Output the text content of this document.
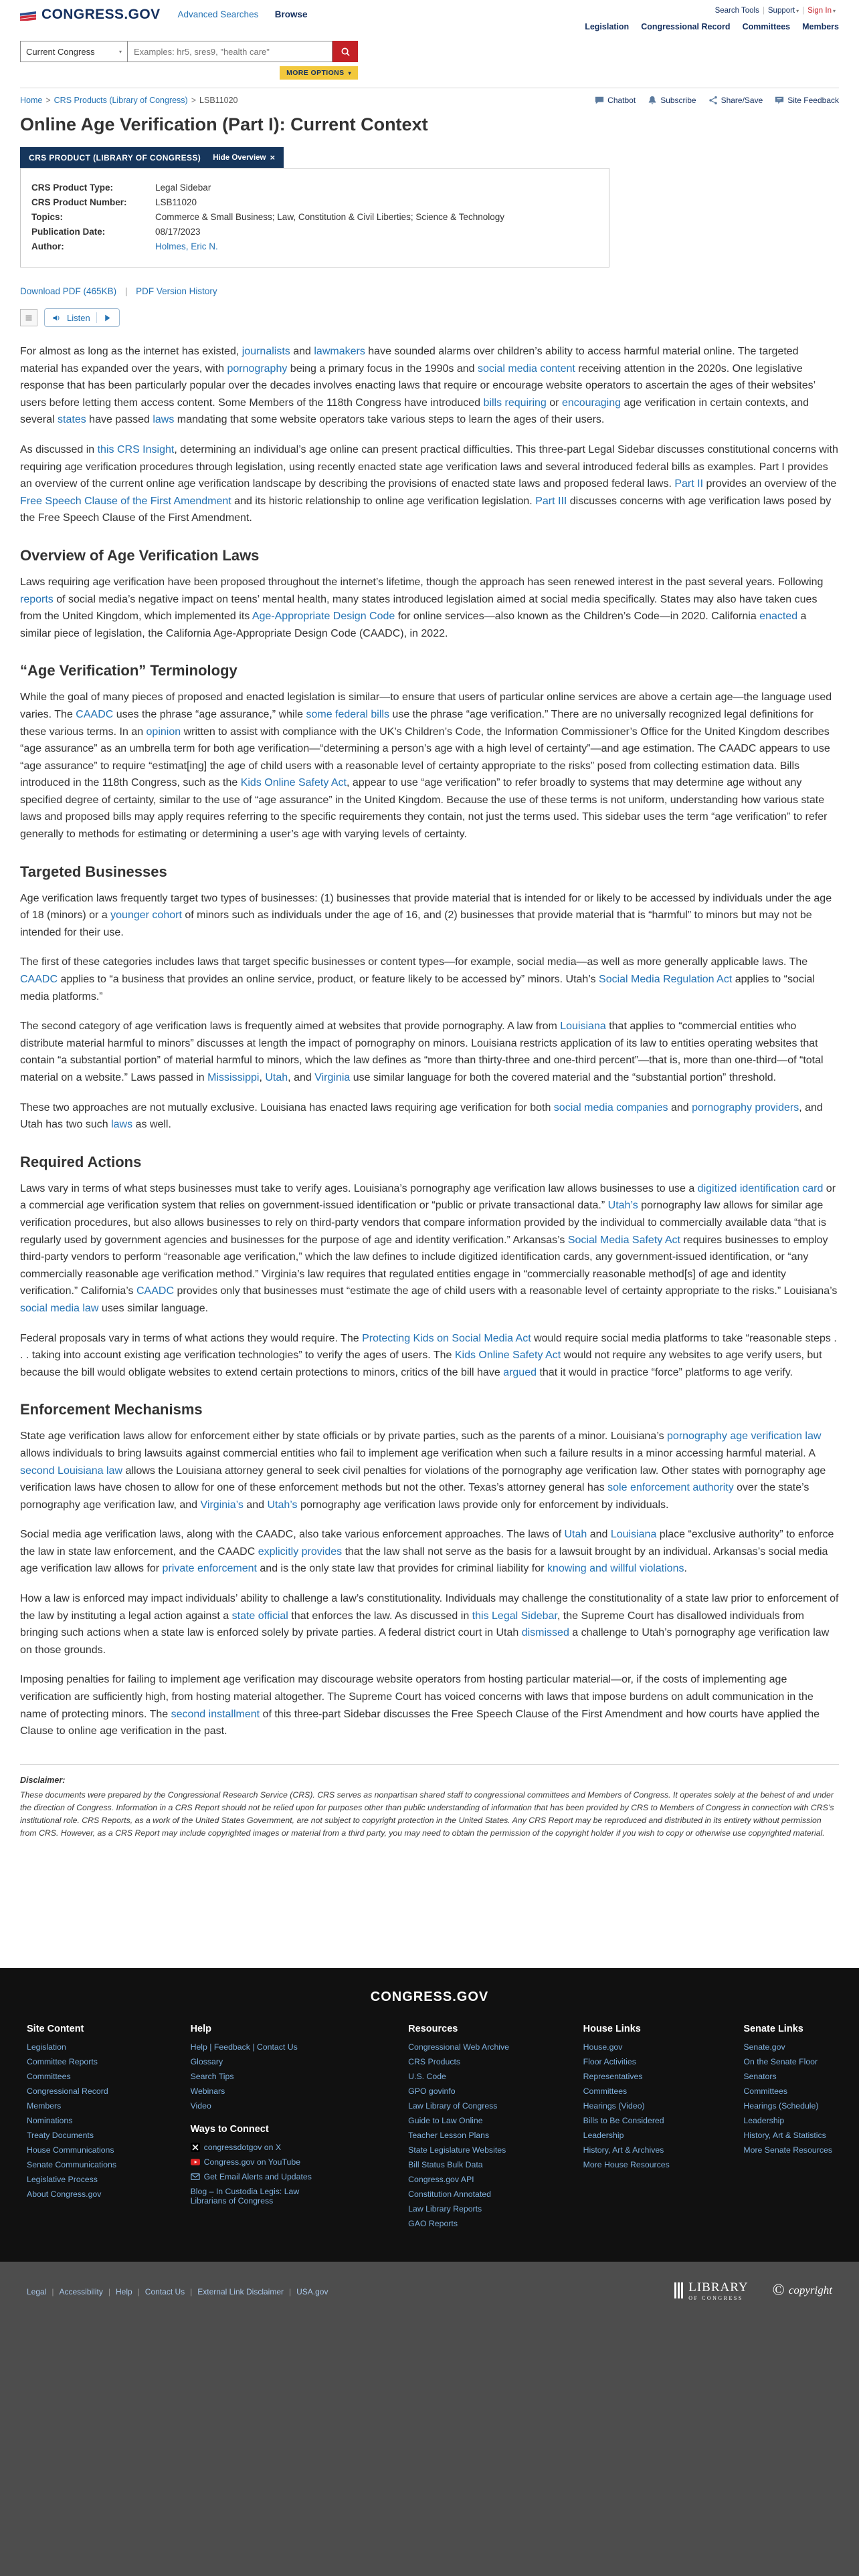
CONGRESS.GOV Advanced Searches Browse	Search Tools | Support ▾ | Sign In ▾
Legislation Congressional Record Committees Members
Current Congress	▾
Examples: hr5, sres9, "health care"
MORE OPTIONS ▾
Home > CRS Products (Library of Congress) > LSB11020	Chatbot	Subscribe	Share/Save	Site Feedback
Online Age Verification (Part I): Current Context
CRS PRODUCT (LIBRARY OF CONGRESS) Hide Overview ×
CRS Product Type:	Legal Sidebar
CRS Product Number:	LSB11020
Topics:	Commerce & Small Business; Law, Constitution & Civil Liberties; Science & Technology
Publication Date:	08/17/2023
Author:	Holmes, Eric N.
Download PDF (465KB) | PDF Version History
Listen

For almost as long as the internet has existed, journalists and lawmakers have sounded alarms over children’s ability to access harmful material online. The targeted material has expanded over the years, with pornography being a primary focus in the 1990s and social media content receiving attention in the 2020s. One legislative response that has been particularly popular over the decades involves enacting laws that require or encourage website operators to ascertain the ages of their websites’ users before letting them access content. Some Members of the 118th Congress have introduced bills requiring or encouraging age verification in certain contexts, and several states have passed laws mandating that some website operators take various steps to learn the ages of their users.

As discussed in this CRS Insight, determining an individual’s age online can present practical difficulties. This three-part Legal Sidebar discusses constitutional concerns with requiring age verification procedures through legislation, using recently enacted state age verification laws and several introduced federal bills as examples. Part I provides an overview of the current online age verification landscape by describing the provisions of enacted state laws and proposed federal laws. Part II provides an overview of the Free Speech Clause of the First Amendment and its historic relationship to online age verification legislation. Part III discusses concerns with age verification laws posed by the Free Speech Clause of the First Amendment.

Overview of Age Verification Laws

Laws requiring age verification have been proposed throughout the internet’s lifetime, though the approach has seen renewed interest in the past several years. Following reports of social media’s negative impact on teens’ mental health, many states introduced legislation aimed at social media specifically. States may also have taken cues from the United Kingdom, which implemented its Age-Appropriate Design Code for online services—also known as the Children’s Code—in 2020. California enacted a similar piece of legislation, the California Age-Appropriate Design Code (CAADC), in 2022.

“Age Verification” Terminology

While the goal of many pieces of proposed and enacted legislation is similar—to ensure that users of particular online services are above a certain age—the language used varies. The CAADC uses the phrase “age assurance,” while some federal bills use the phrase “age verification.” There are no universally recognized legal definitions for these various terms. In an opinion written to assist with compliance with the UK’s Children’s Code, the Information Commissioner’s Office for the United Kingdom describes “age assurance” as an umbrella term for both age verification—“determining a person’s age with a high level of certainty”—and age estimation. The CAADC appears to use “age assurance” to require “estimat[ing] the age of child users with a reasonable level of certainty appropriate to the risks” posed from collecting estimation data. Bills introduced in the 118th Congress, such as the Kids Online Safety Act, appear to use “age verification” to refer broadly to systems that may determine age without any specified degree of certainty, similar to the use of “age assurance” in the United Kingdom. Because the use of these terms is not uniform, understanding how various state laws and proposed bills may apply requires referring to the specific requirements they contain, not just the terms used. This sidebar uses the term “age verification” to refer generally to methods for estimating or determining a user’s age with varying levels of certainty.

Targeted Businesses

Age verification laws frequently target two types of businesses: (1) businesses that provide material that is intended for or likely to be accessed by individuals under the age of 18 (minors) or a younger cohort of minors such as individuals under the age of 16, and (2) businesses that provide material that is “harmful” to minors but may not be intended for their use.

The first of these categories includes laws that target specific businesses or content types—for example, social media—as well as more generally applicable laws. The CAADC applies to “a business that provides an online service, product, or feature likely to be accessed by” minors. Utah’s Social Media Regulation Act applies to “social media platforms.”

The second category of age verification laws is frequently aimed at websites that provide pornography. A law from Louisiana that applies to “commercial entities who distribute material harmful to minors” discusses at length the impact of pornography on minors. Louisiana restricts application of its law to entities operating websites that contain “a substantial portion” of material harmful to minors, which the law defines as “more than thirty-three and one-third percent”—that is, more than one-third—of “total material on a website.” Laws passed in Mississippi, Utah, and Virginia use similar language for both the covered material and the “substantial portion” threshold.

These two approaches are not mutually exclusive. Louisiana has enacted laws requiring age verification for both social media companies and pornography providers, and Utah has two such laws as well.

Required Actions

Laws vary in terms of what steps businesses must take to verify ages. Louisiana’s pornography age verification law allows businesses to use a digitized identification card or a commercial age verification system that relies on government-issued identification or “public or private transactional data.” Utah’s pornography law allows for similar age verification procedures, but also allows businesses to rely on third-party vendors that compare information provided by the individual to commercially available data “that is regularly used by government agencies and businesses for the purpose of age and identity verification.” Arkansas’s Social Media Safety Act requires businesses to employ third-party vendors to perform “reasonable age verification,” which the law defines to include digitized identification cards, any government-issued identification, or “any commercially reasonable age verification method.” Virginia’s law requires that regulated entities engage in “commercially reasonable method[s] of age and identity verification.” California’s CAADC provides only that businesses must “estimate the age of child users with a reasonable level of certainty appropriate to the risks.” Louisiana’s social media law uses similar language.

Federal proposals vary in terms of what actions they would require. The Protecting Kids on Social Media Act would require social media platforms to take “reasonable steps . . . taking into account existing age verification technologies” to verify the ages of users. The Kids Online Safety Act would not require any websites to age verify users, but because the bill would obligate websites to extend certain protections to minors, critics of the bill have argued that it would in practice “force” platforms to age verify.

Enforcement Mechanisms

State age verification laws allow for enforcement either by state officials or by private parties, such as the parents of a minor. Louisiana’s pornography age verification law allows individuals to bring lawsuits against commercial entities who fail to implement age verification when such a failure results in a minor accessing harmful material. A second Louisiana law allows the Louisiana attorney general to seek civil penalties for violations of the pornography age verification law. Other states with pornography age verification laws have chosen to allow for one of these enforcement methods but not the other. Texas’s attorney general has sole enforcement authority over the state’s pornography age verification law, and Virginia’s and Utah’s pornography age verification laws provide only for enforcement by individuals.

Social media age verification laws, along with the CAADC, also take various enforcement approaches. The laws of Utah and Louisiana place “exclusive authority” to enforce the law in state law enforcement, and the CAADC explicitly provides that the law shall not serve as the basis for a lawsuit brought by an individual. Arkansas’s social media age verification law allows for private enforcement and is the only state law that provides for criminal liability for knowing and willful violations.

How a law is enforced may impact individuals’ ability to challenge a law’s constitutionality. Individuals may challenge the constitutionality of a state law prior to enforcement of the law by instituting a legal action against a state official that enforces the law. As discussed in this Legal Sidebar, the Supreme Court has disallowed individuals from bringing such actions when a state law is enforced solely by private parties. A federal district court in Utah dismissed a challenge to Utah’s pornography age verification law on those grounds.

Imposing penalties for failing to implement age verification may discourage website operators from hosting particular material—or, if the costs of implementing age verification are sufficiently high, from hosting material altogether. The Supreme Court has voiced concerns with laws that impose burdens on adult communication in the name of protecting minors. The second installment of this three-part Sidebar discusses the Free Speech Clause of the First Amendment and how courts have applied the Clause to online age verification in the past.

Disclaimer:
These documents were prepared by the Congressional Research Service (CRS). CRS serves as nonpartisan shared staff to congressional committees and Members of Congress. It operates solely at the behest of and under the direction of Congress. Information in a CRS Report should not be relied upon for purposes other than public understanding of information that has been provided by CRS to Members of Congress in connection with CRS’s institutional role. CRS Reports, as a work of the United States Government, are not subject to copyright protection in the United States. Any CRS Report may be reproduced and distributed in its entirety without permission from CRS. However, as a CRS Report may include copyrighted images or material from a third party, you may need to obtain the permission of the copyright holder if you wish to copy or otherwise use copyrighted material.
CONGRESS.GOV
Site Content
Legislation
Committee Reports
Committees
Congressional Record
Members
Nominations
Treaty Documents
House Communications
Senate Communications
Legislative Process
About Congress.gov
Help
Help | Feedback | Contact Us
Glossary
Search Tips
Webinars
Video
Ways to Connect
congressdotgov on X
Congress.gov on YouTube
Get Email Alerts and Updates
Blog – In Custodia Legis: Law Librarians of Congress
Resources
Congressional Web Archive
CRS Products
U.S. Code
GPO govinfo
Law Library of Congress
Guide to Law Online
Teacher Lesson Plans
State Legislature Websites
Bill Status Bulk Data
Congress.gov API
Constitution Annotated
Law Library Reports
GAO Reports
House Links
House.gov
Floor Activities
Representatives
Committees
Hearings (Video)
Bills to Be Considered
Leadership
History, Art & Archives
More House Resources
Senate Links
Senate.gov
On the Senate Floor
Senators
Committees
Hearings (Schedule)
Leadership
History, Art & Statistics
More Senate Resources
Legal | Accessibility | Help | Contact Us | External Link Disclaimer | USA.gov	LIBRARY
OF CONGRESS	© copyright
